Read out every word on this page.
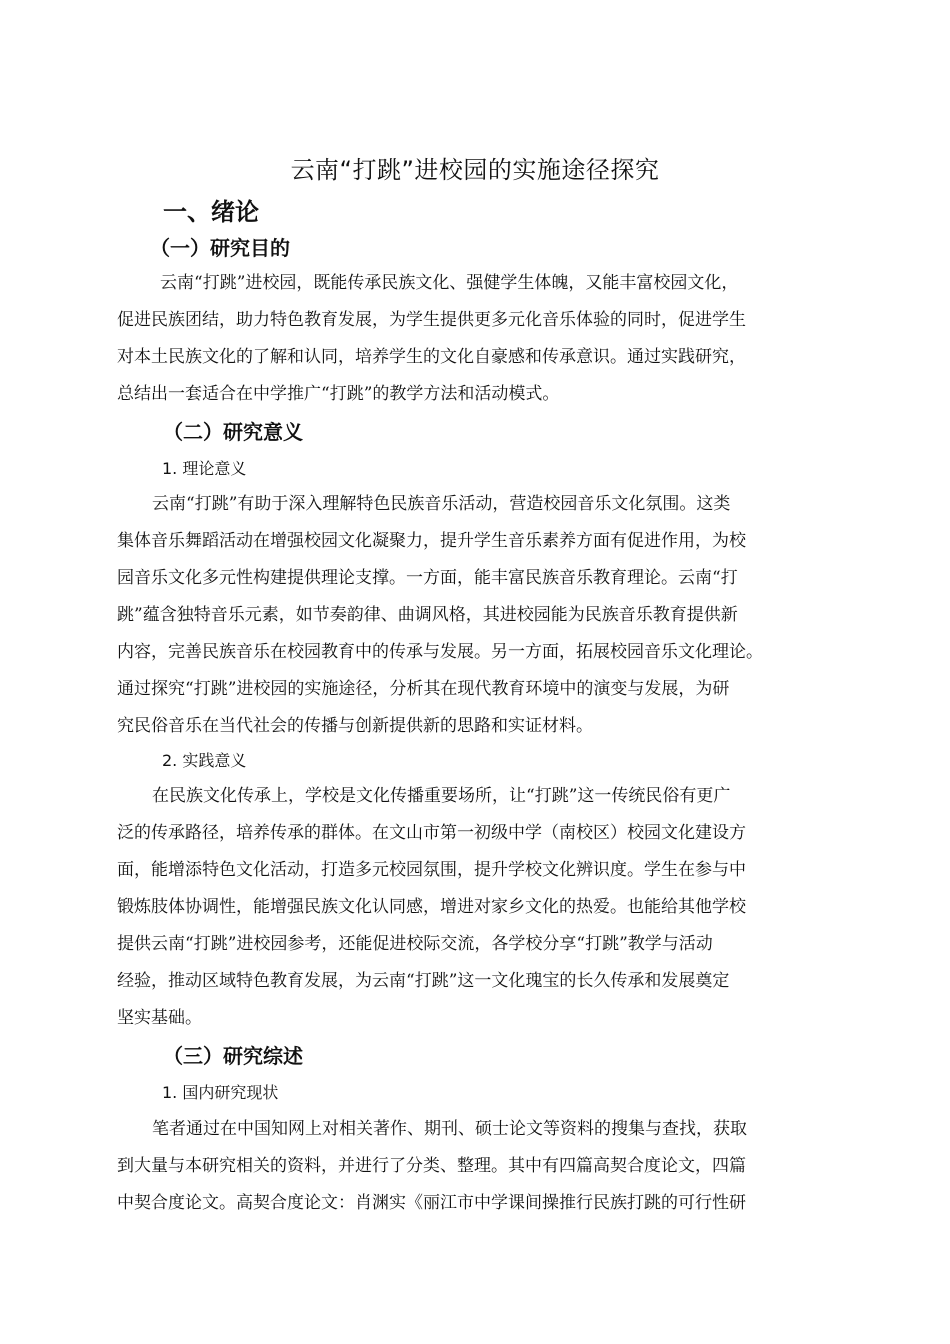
云南“打跳”进校园的实施途径探究
一、绪论
（一）研究目的
云南“打跳”进校园，既能传承民族文化、强健学生体魄，又能丰富校园文化，
促进民族团结，助力特色教育发展，为学生提供更多元化音乐体验的同时，促进学生
对本土民族文化的了解和认同，培养学生的文化自豪感和传承意识。通过实践研究，
总结出一套适合在中学推广“打跳”的教学方法和活动模式。
（二）研究意义
1. 理论意义
云南“打跳”有助于深入理解特色民族音乐活动，营造校园音乐文化氛围。这类
集体音乐舞蹈活动在增强校园文化凝聚力，提升学生音乐素养方面有促进作用，为校
园音乐文化多元性构建提供理论支撑。一方面，能丰富民族音乐教育理论。云南“打
跳”蕴含独特音乐元素，如节奏韵律、曲调风格，其进校园能为民族音乐教育提供新
内容，完善民族音乐在校园教育中的传承与发展。另一方面，拓展校园音乐文化理论。
通过探究“打跳”进校园的实施途径，分析其在现代教育环境中的演变与发展，为研
究民俗音乐在当代社会的传播与创新提供新的思路和实证材料。
2. 实践意义
在民族文化传承上，学校是文化传播重要场所，让“打跳”这一传统民俗有更广
泛的传承路径，培养传承的群体。在文山市第一初级中学（南校区）校园文化建设方
面，能增添特色文化活动，打造多元校园氛围，提升学校文化辨识度。学生在参与中
锻炼肢体协调性，能增强民族文化认同感，增进对家乡文化的热爱。也能给其他学校
提供云南“打跳”进校园参考，还能促进校际交流，各学校分享“打跳”教学与活动
经验，推动区域特色教育发展，为云南“打跳”这一文化瑰宝的长久传承和发展奠定
坚实基础。
（三）研究综述
1. 国内研究现状
笔者通过在中国知网上对相关著作、期刊、硕士论文等资料的搜集与查找，获取
到大量与本研究相关的资料，并进行了分类、整理。其中有四篇高契合度论文，四篇
中契合度论文。高契合度论文：肖渊实《丽江市中学课间操推行民族打跳的可行性研
